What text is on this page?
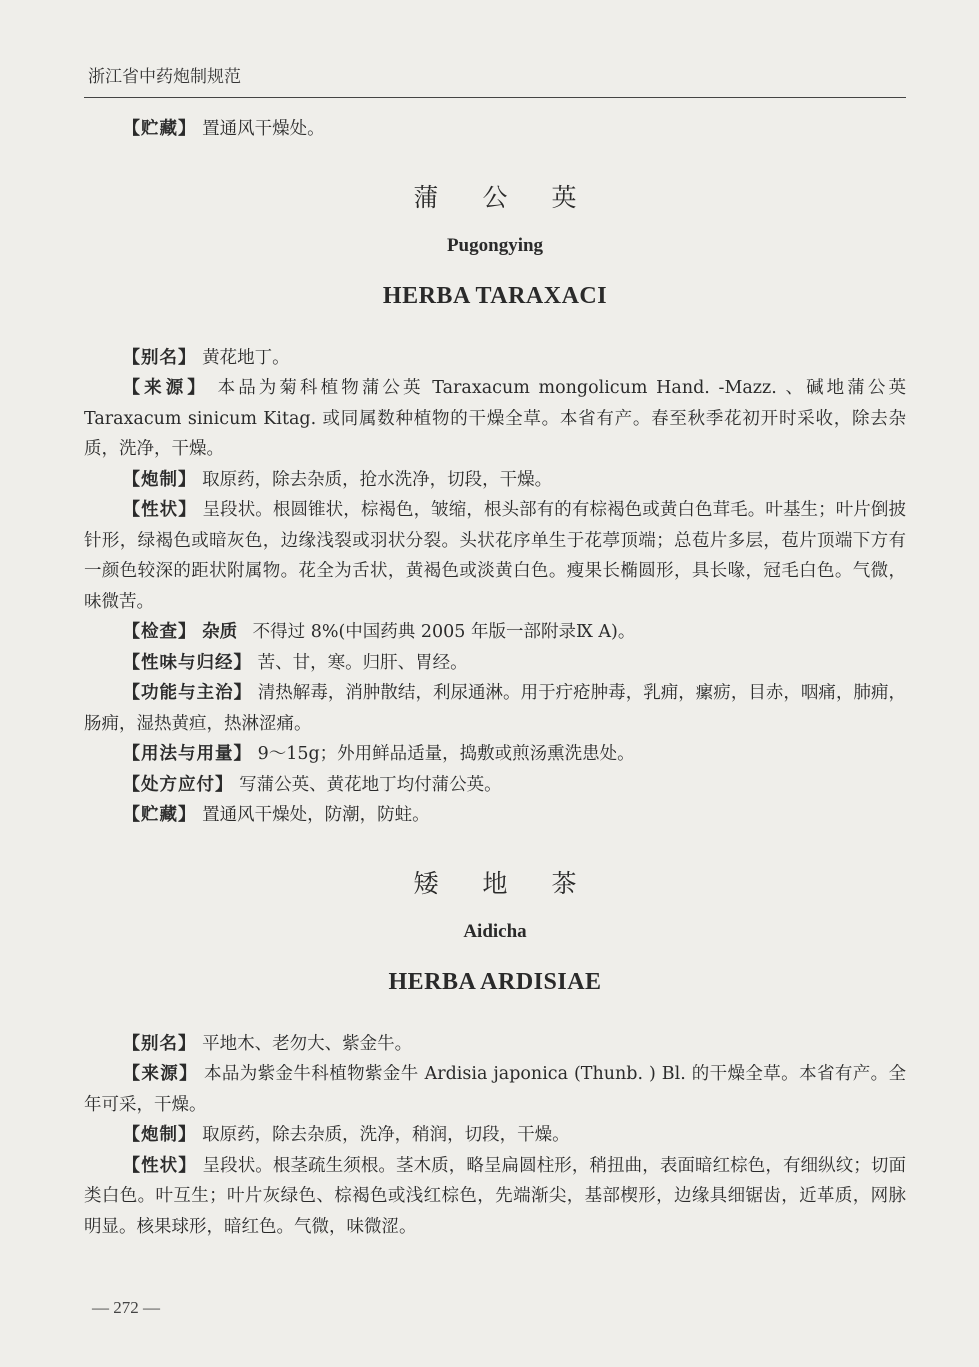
浙江省中药炮制规范

【贮藏】 置通风干燥处。

蒲公英
Pugongying
HERBA TARAXACI

【别名】 黄花地丁。

【来源】 本品为菊科植物蒲公英 Taraxacum mongolicum Hand. -Mazz. 、碱地蒲公英 Taraxacum sinicum Kitag. 或同属数种植物的干燥全草。本省有产。春至秋季花初开时采收，除去杂质，洗净，干燥。

【炮制】 取原药，除去杂质，抢水洗净，切段，干燥。

【性状】 呈段状。根圆锥状，棕褐色，皱缩，根头部有的有棕褐色或黄白色茸毛。叶基生；叶片倒披针形，绿褐色或暗灰色，边缘浅裂或羽状分裂。头状花序单生于花葶顶端；总苞片多层，苞片顶端下方有一颜色较深的距状附属物。花全为舌状，黄褐色或淡黄白色。瘦果长椭圆形，具长喙，冠毛白色。气微，味微苦。

【检查】 杂质 不得过 8%(中国药典 2005 年版一部附录Ⅸ A)。

【性味与归经】 苦、甘，寒。归肝、胃经。

【功能与主治】 清热解毒，消肿散结，利尿通淋。用于疔疮肿毒，乳痈，瘰疬，目赤，咽痛，肺痈，肠痈，湿热黄疸，热淋涩痛。

【用法与用量】 9～15g；外用鲜品适量，捣敷或煎汤熏洗患处。

【处方应付】 写蒲公英、黄花地丁均付蒲公英。

【贮藏】 置通风干燥处，防潮，防蛀。

矮地茶
Aidicha
HERBA ARDISIAE

【别名】 平地木、老勿大、紫金牛。

【来源】 本品为紫金牛科植物紫金牛 Ardisia japonica (Thunb. ) Bl. 的干燥全草。本省有产。全年可采，干燥。

【炮制】 取原药，除去杂质，洗净，稍润，切段，干燥。

【性状】 呈段状。根茎疏生须根。茎木质，略呈扁圆柱形，稍扭曲，表面暗红棕色，有细纵纹；切面类白色。叶互生；叶片灰绿色、棕褐色或浅红棕色，先端渐尖，基部楔形，边缘具细锯齿，近革质，网脉明显。核果球形，暗红色。气微，味微涩。

— 272 —
